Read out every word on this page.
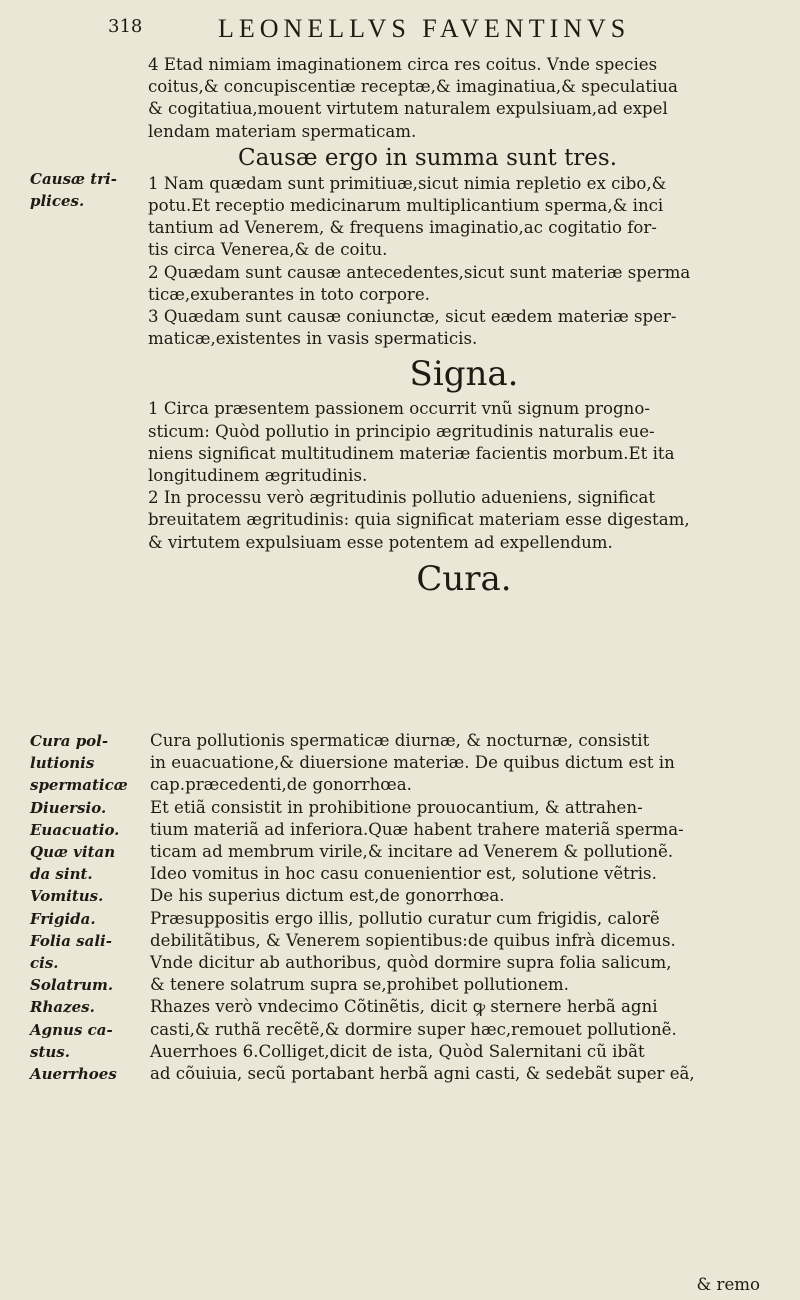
318	LEONELLVS FAVENTINVS

4 Etad nimiam imaginationem circa res coitus. Vnde species

coitus,& concupiscentiæ receptæ,& imaginatiua,& speculatiua

& cogitatiua,mouent virtutem naturalem expulsiuam,ad expel

lendam materiam spermaticam.

Causæ ergo in summa sunt tres.

1 Nam quædam sunt primitiuæ,sicut nimia repletio ex cibo,&

potu.Et receptio medicinarum multiplicantium sperma,& inci

tantium ad Venerem, & frequens imaginatio,ac cogitatio for-

tis circa Venerea,& de coitu.

2 Quædam sunt causæ antecedentes,sicut sunt materiæ sperma

ticæ,exuberantes in toto corpore.

3 Quædam sunt causæ coniunctæ, sicut eædem materiæ sper-

maticæ,existentes in vasis spermaticis.

Signa.

1 Circa præsentem passionem occurrit vnũ signum progno-

sticum: Quòd pollutio in principio ægritudinis naturalis eue-

niens significat multitudinem materiæ facientis morbum.Et ita

longitudinem ægritudinis.

2 In processu verò ægritudinis pollutio adueniens, significat

breuitatem ægritudinis: quia significat materiam esse digestam,

& virtutem expulsiuam esse potentem ad expellendum.

Cura.

Causæ tri-
plices.

Cura pollutionis spermaticæ diurnæ, & nocturnæ, consistit

in euacuatione,& diuersione materiæ. De quibus dictum est in

cap.præcedenti,de gonorrhœa.

Et etiã consistit in prohibitione prouocantium, & attrahen-

tium materiã ad inferiora.Quæ habent trahere materiã sperma-

ticam ad membrum virile,& incitare ad Venerem & pollutionẽ.

Ideo vomitus in hoc casu conuenientior est, solutione vẽtris.

De his superius dictum est,de gonorrhœa.

Præsuppositis ergo illis, pollutio curatur cum frigidis, calorẽ

debilitãtibus, & Venerem sopientibus:de quibus infrà dicemus.

Vnde dicitur ab authoribus, quòd dormire supra folia salicum,

& tenere solatrum supra se,prohibet pollutionem.

Rhazes verò vndecimo Cõtinẽtis, dicit ꝙ sternere herbã agni

casti,& ruthã recẽtẽ,& dormire super hæc,remouet pollutionẽ.

Auerrhoes 6.Colliget,dicit de ista, Quòd Salernitani cũ ibãt

ad cõuiuia, secũ portabant herbã agni casti, & sedebãt super eã,

Cura pol-
lutionis
spermaticæ
Diuersio.
Euacuatio.
Quæ vitan
da sint.
Vomitus.
Frigida.
Folia sali-
cis.
Solatrum.
Rhazes.
Agnus ca-
stus.
Auerrhoes
& remo
